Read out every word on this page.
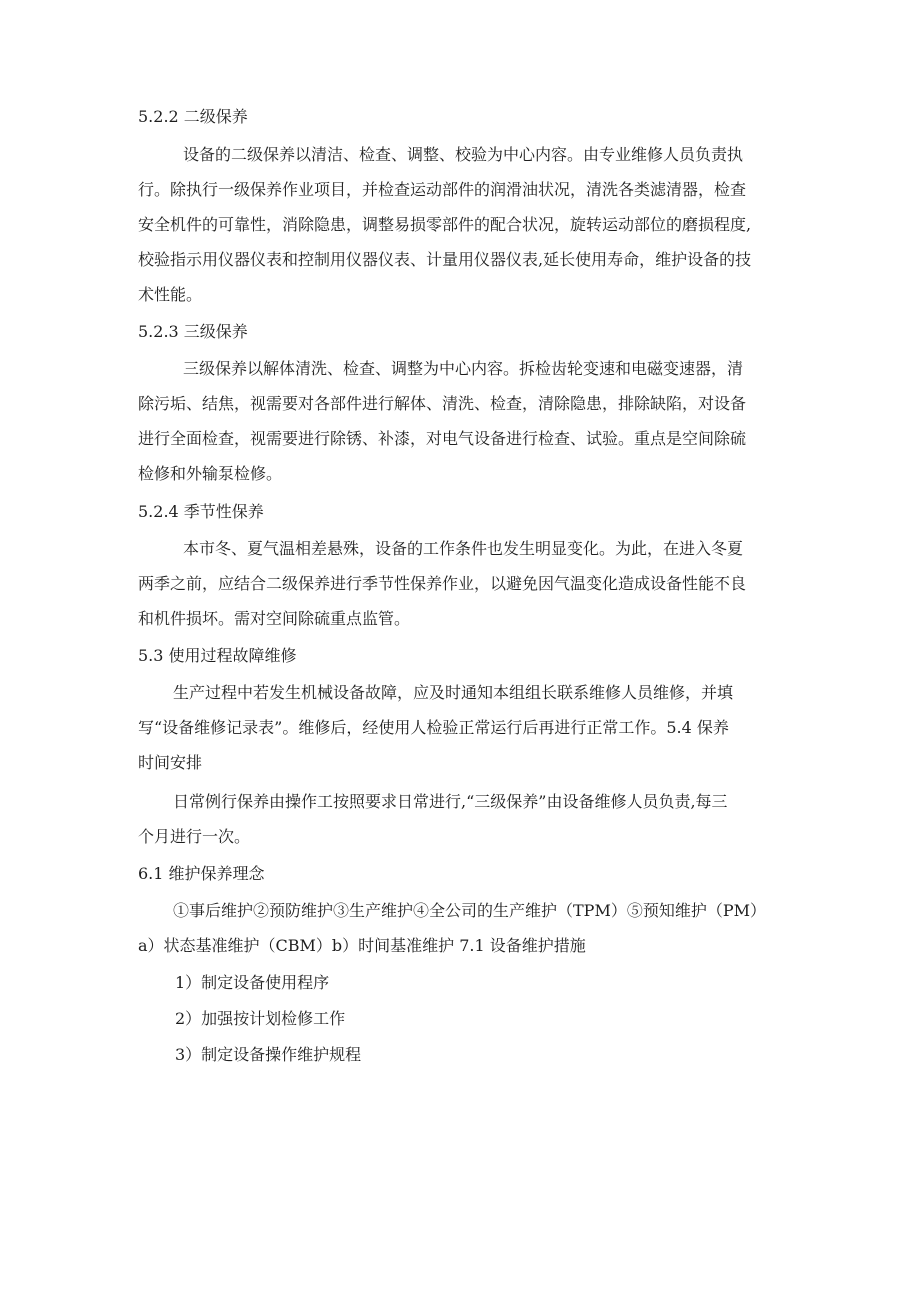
5.2.2 二级保养
设备的二级保养以清洁、检查、调整、校验为中心内容。由专业维修人员负责执
行。除执行一级保养作业项目，并检查运动部件的润滑油状况，清洗各类滤清器，检查
安全机件的可靠性，消除隐患，调整易损零部件的配合状况，旋转运动部位的磨损程度,
校验指示用仪器仪表和控制用仪器仪表、计量用仪器仪表,延长使用寿命，维护设备的技
术性能。
5.2.3 三级保养
三级保养以解体清洗、检查、调整为中心内容。拆检齿轮变速和电磁变速器，清
除污垢、结焦，视需要对各部件进行解体、清洗、检查，清除隐患，排除缺陷，对设备
进行全面检查，视需要进行除锈、补漆，对电气设备进行检查、试验。重点是空间除硫
检修和外输泵检修。
5.2.4 季节性保养
本市冬、夏气温相差悬殊，设备的工作条件也发生明显变化。为此，在进入冬夏
两季之前，应结合二级保养进行季节性保养作业，以避免因气温变化造成设备性能不良
和机件损坏。需对空间除硫重点监管。
5.3 使用过程故障维修
生产过程中若发生机械设备故障，应及时通知本组组长联系维修人员维修，并填
写“设备维修记录表”。维修后，经使用人检验正常运行后再进行正常工作。5.4 保养
时间安排
日常例行保养由操作工按照要求日常进行,“三级保养”由设备维修人员负责,每三
个月进行一次。
6.1 维护保养理念
①事后维护②预防维护③生产维护④全公司的生产维护（TPM）⑤预知维护（PM）
a）状态基准维护（CBM）b）时间基准维护 7.1 设备维护措施
1）制定设备使用程序
2）加强按计划检修工作
3）制定设备操作维护规程
